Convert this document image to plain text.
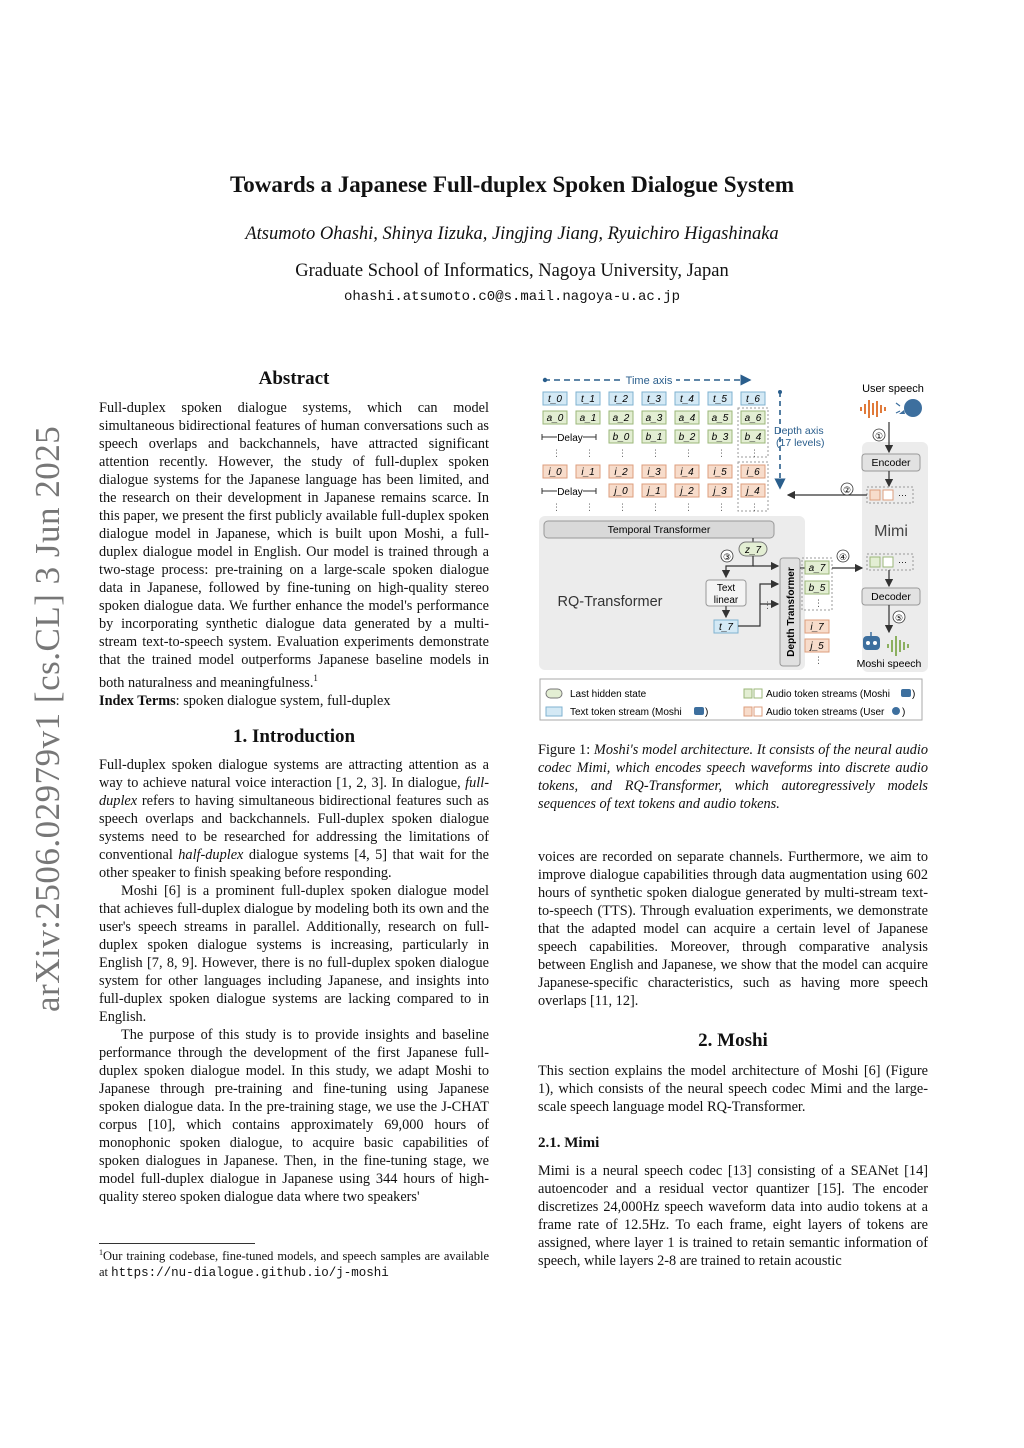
arXiv:2506.02979v1 [cs.CL] 3 Jun 2025
Towards a Japanese Full-duplex Spoken Dialogue System
Atsumoto Ohashi, Shinya Iizuka, Jingjing Jiang, Ryuichiro Higashinaka
Graduate School of Informatics, Nagoya University, Japan
ohashi.atsumoto.c0@s.mail.nagoya-u.ac.jp
Abstract

Full-duplex spoken dialogue systems, which can model simultaneous bidirectional features of human conversations such as speech overlaps and backchannels, have attracted significant attention recently. However, the study of full-duplex spoken dialogue systems for the Japanese language has been limited, and the research on their development in Japanese remains scarce. In this paper, we present the first publicly available full-duplex spoken dialogue model in Japanese, which is built upon Moshi, a full-duplex dialogue model in English. Our model is trained through a two-stage process: pre-training on a large-scale spoken dialogue data in Japanese, followed by fine-tuning on high-quality stereo spoken dialogue data. We further enhance the model's performance by incorporating synthetic dialogue data generated by a multi-stream text-to-speech system. Evaluation experiments demonstrate that the trained model outperforms Japanese baseline models in both naturalness and meaningfulness.$^1$

Index Terms: spoken dialogue system, full-duplex

1. Introduction

Full-duplex spoken dialogue systems are attracting attention as a way to achieve natural voice interaction [1, 2, 3]. In dialogue, full-duplex refers to having simultaneous bidirectional features such as speech overlaps and backchannels. Full-duplex spoken dialogue systems need to be researched for addressing the limitations of conventional half-duplex dialogue systems [4, 5] that wait for the other speaker to finish speaking before responding.

Moshi [6] is a prominent full-duplex spoken dialogue model that achieves full-duplex dialogue by modeling both its own and the user's speech streams in parallel. Additionally, research on full-duplex spoken dialogue systems is increasing, particularly in English [7, 8, 9]. However, there is no full-duplex spoken dialogue system for other languages including Japanese, and insights into full-duplex spoken dialogue systems are lacking compared to in English.

The purpose of this study is to provide insights and baseline performance through the development of the first Japanese full-duplex spoken dialogue model. In this study, we adapt Moshi to Japanese through pre-training and fine-tuning using Japanese spoken dialogue data. In the pre-training stage, we use the J-CHAT corpus [10], which contains approximately 69,000 hours of monophonic spoken dialogue, to acquire basic capabilities of spoken dialogues in Japanese. Then, in the fine-tuning stage, we model full-duplex dialogue in Japanese using 344 hours of high-quality stereo spoken dialogue data where two speakers'

$^1$Our training codebase, fine-tuned models, and speech samples are available at https://nu-dialogue.github.io/j-moshi
Time axis
t_0 t_1 t_2 t_3 t_4 t_5 t_6
a_0 a_1 a_2 a_3 a_4 a_5 a_6
Delay	b_0 b_1 b_2 b_3 b_4
⋮	⋮	⋮	⋮	⋮	⋮	⋮
i_0 i_1 i_2 i_3 i_4 i_5 i_6
Delay	j_0 j_1 j_2 j_3 j_4
⋮	⋮	⋮	⋮	⋮	⋮	⋮
Depth axis
(17 levels)
User speech
①
Encoder
···
②
Mimi
···
⑤
Decoder
Moshi speech
Temporal Transformer
RQ-Transformer
z_7
③
Text
linear
t_7
⋮ Depth Transformer a_7
b_5
⋮
④
i_7
j_5
⋮
Last hidden state
Text token stream (Moshi )
Audio token streams (Moshi )
Audio token streams (User )
Figure 1: Moshi's model architecture. It consists of the neural audio codec Mimi, which encodes speech waveforms into discrete audio tokens, and RQ-Transformer, which autoregressively models sequences of text tokens and audio tokens.

voices are recorded on separate channels. Furthermore, we aim to improve dialogue capabilities through data augmentation using 602 hours of synthetic spoken dialogue generated by multi-stream text-to-speech (TTS). Through evaluation experiments, we demonstrate that the adapted model can acquire a certain level of Japanese speech capabilities. Moreover, through comparative analysis between English and Japanese, we show that the model can acquire Japanese-specific characteristics, such as having more speech overlaps [11, 12].

2. Moshi

This section explains the model architecture of Moshi [6] (Figure 1), which consists of the neural speech codec Mimi and the large-scale speech language model RQ-Transformer.

2.1. Mimi

Mimi is a neural speech codec [13] consisting of a SEANet [14] autoencoder and a residual vector quantizer [15]. The encoder discretizes 24,000Hz speech waveform data into audio tokens at a frame rate of 12.5Hz. To each frame, eight layers of tokens are assigned, where layer 1 is trained to retain semantic information of speech, while layers 2-8 are trained to retain acoustic
